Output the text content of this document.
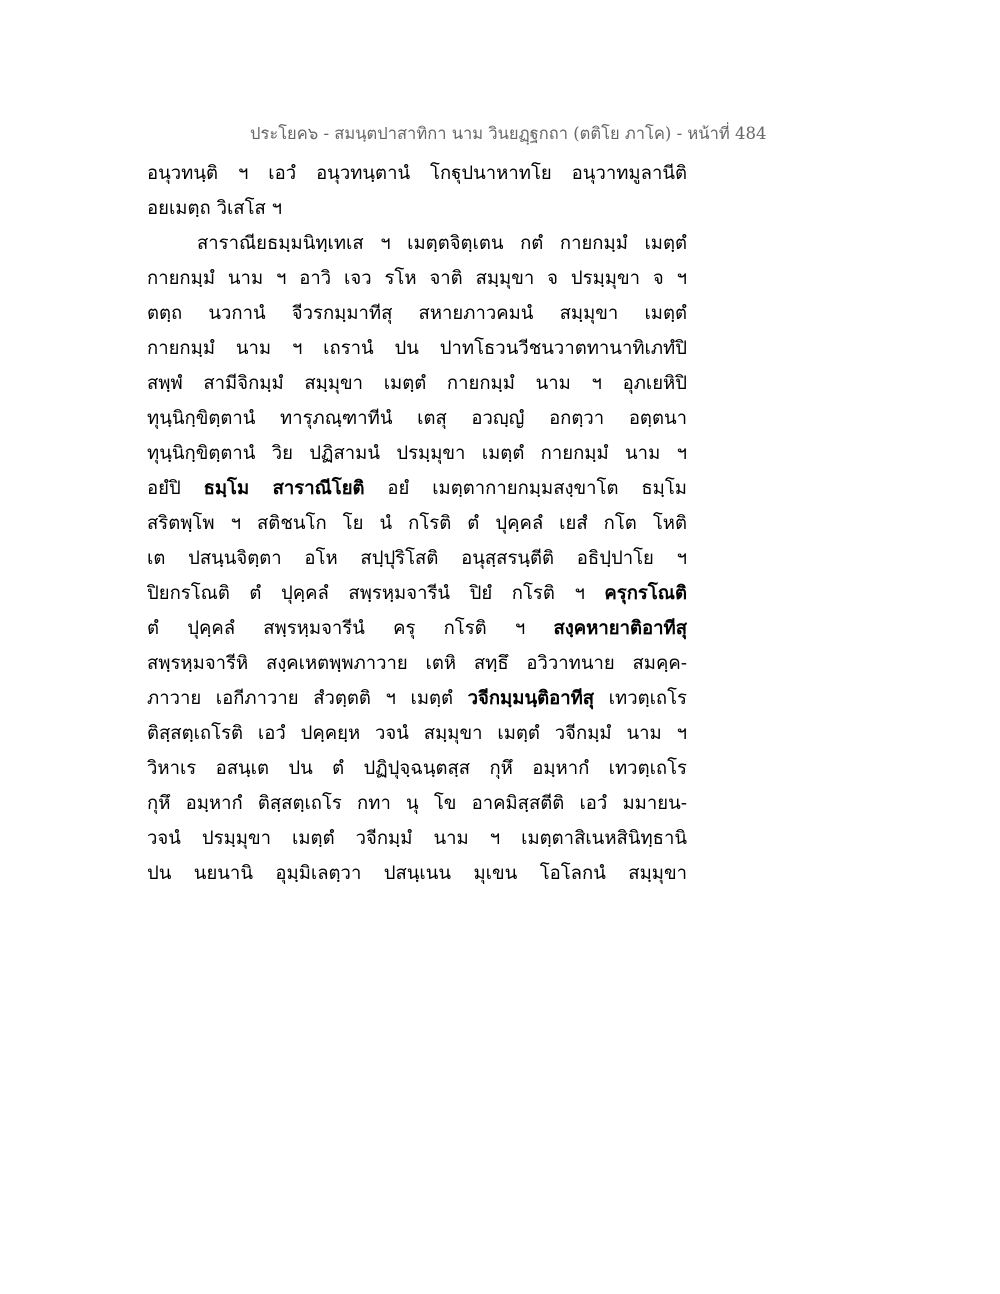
ประโยค๖ - สมนฺตปาสาทิกา นาม วินยฏฺฐกถา (ตติโย ภาโค) - หน้าที่ 484
อนุวทนฺติ ฯ เอวํ อนุวทนฺตานํ โกฐุปนาหาทโย อนุวาทมูลานีติ
อยเมตฺถ วิเสโส ฯ
สาราณียธมฺมนิทฺเทเส ฯ เมตฺตจิตฺเตน กตํ กายกมฺมํ เมตฺตํ
กายกมฺมํ นาม ฯ อาวิ เจว รโห จาติ สมฺมุขา จ ปรมฺมุขา จ ฯ
ตตฺถ นวกานํ จีวรกมฺมาทีสุ สหายภาวคมนํ สมฺมุขา เมตฺตํ
กายกมฺมํ นาม ฯ เถรานํ ปน ปาทโธวนวีชนวาตทานาทิเภทํปิ
สพฺพํ สามีจิกมฺมํ สมฺมุขา เมตฺตํ กายกมฺมํ นาม ฯ อุภเยหิปิ
ทุนฺนิกฺขิตฺตานํ ทารุภณฺฑาทีนํ เตสุ อวญฺญํ อกตฺวา อตฺตนา
ทุนฺนิกฺขิตฺตานํ วิย ปฏิสามนํ ปรมฺมุขา เมตฺตํ กายกมฺมํ นาม ฯ
อยํปิ ธมฺโม สาราณีโยติ อยํ เมตฺตากายกมฺมสงฺขาโต ธมฺโม
สริตพฺโพ ฯ สติชนโก โย นํ กโรติ ตํ ปุคฺคลํ เยสํ กโต โหติ
เต ปสนฺนจิตฺตา อโห สปฺปุริโสติ อนุสฺสรนฺตีติ อธิปฺปาโย ฯ
ปิยกรโณติ ตํ ปุคฺคลํ สพฺรหฺมจารีนํ ปิยํ กโรติ ฯ ครุกรโณติ
ตํ ปุคฺคลํ สพฺรหฺมจารีนํ ครุ กโรติ ฯ สงฺคหายาติอาทีสุ
สพฺรหฺมจารีหิ สงฺคเหตพฺพภาวาย เตหิ สทฺธึ อวิวาทนาย สมคฺค-
ภาวาย เอกีภาวาย สํวตฺตติ ฯ เมตฺตํ วจีกมฺมนฺติอาทีสุ เทวตฺเถโร
ติสฺสตฺเถโรติ เอวํ ปคฺคยฺห วจนํ สมฺมุขา เมตฺตํ วจีกมฺมํ นาม ฯ
วิหาเร อสนฺเต ปน ตํ ปฏิปุจฺฉนฺตสฺส กุหึ อมฺหากํ เทวตฺเถโร
กุหึ อมฺหากํ ติสฺสตฺเถโร กทา นุ โข อาคมิสฺสตีติ เอวํ มมายน-
วจนํ ปรมฺมุขา เมตฺตํ วจีกมฺมํ นาม ฯ เมตฺตาสิเนหสินิทฺธานิ
ปน นยนานิ อุมฺมิเลตฺวา ปสนฺเนน มุเขน โอโลกนํ สมฺมุขา
